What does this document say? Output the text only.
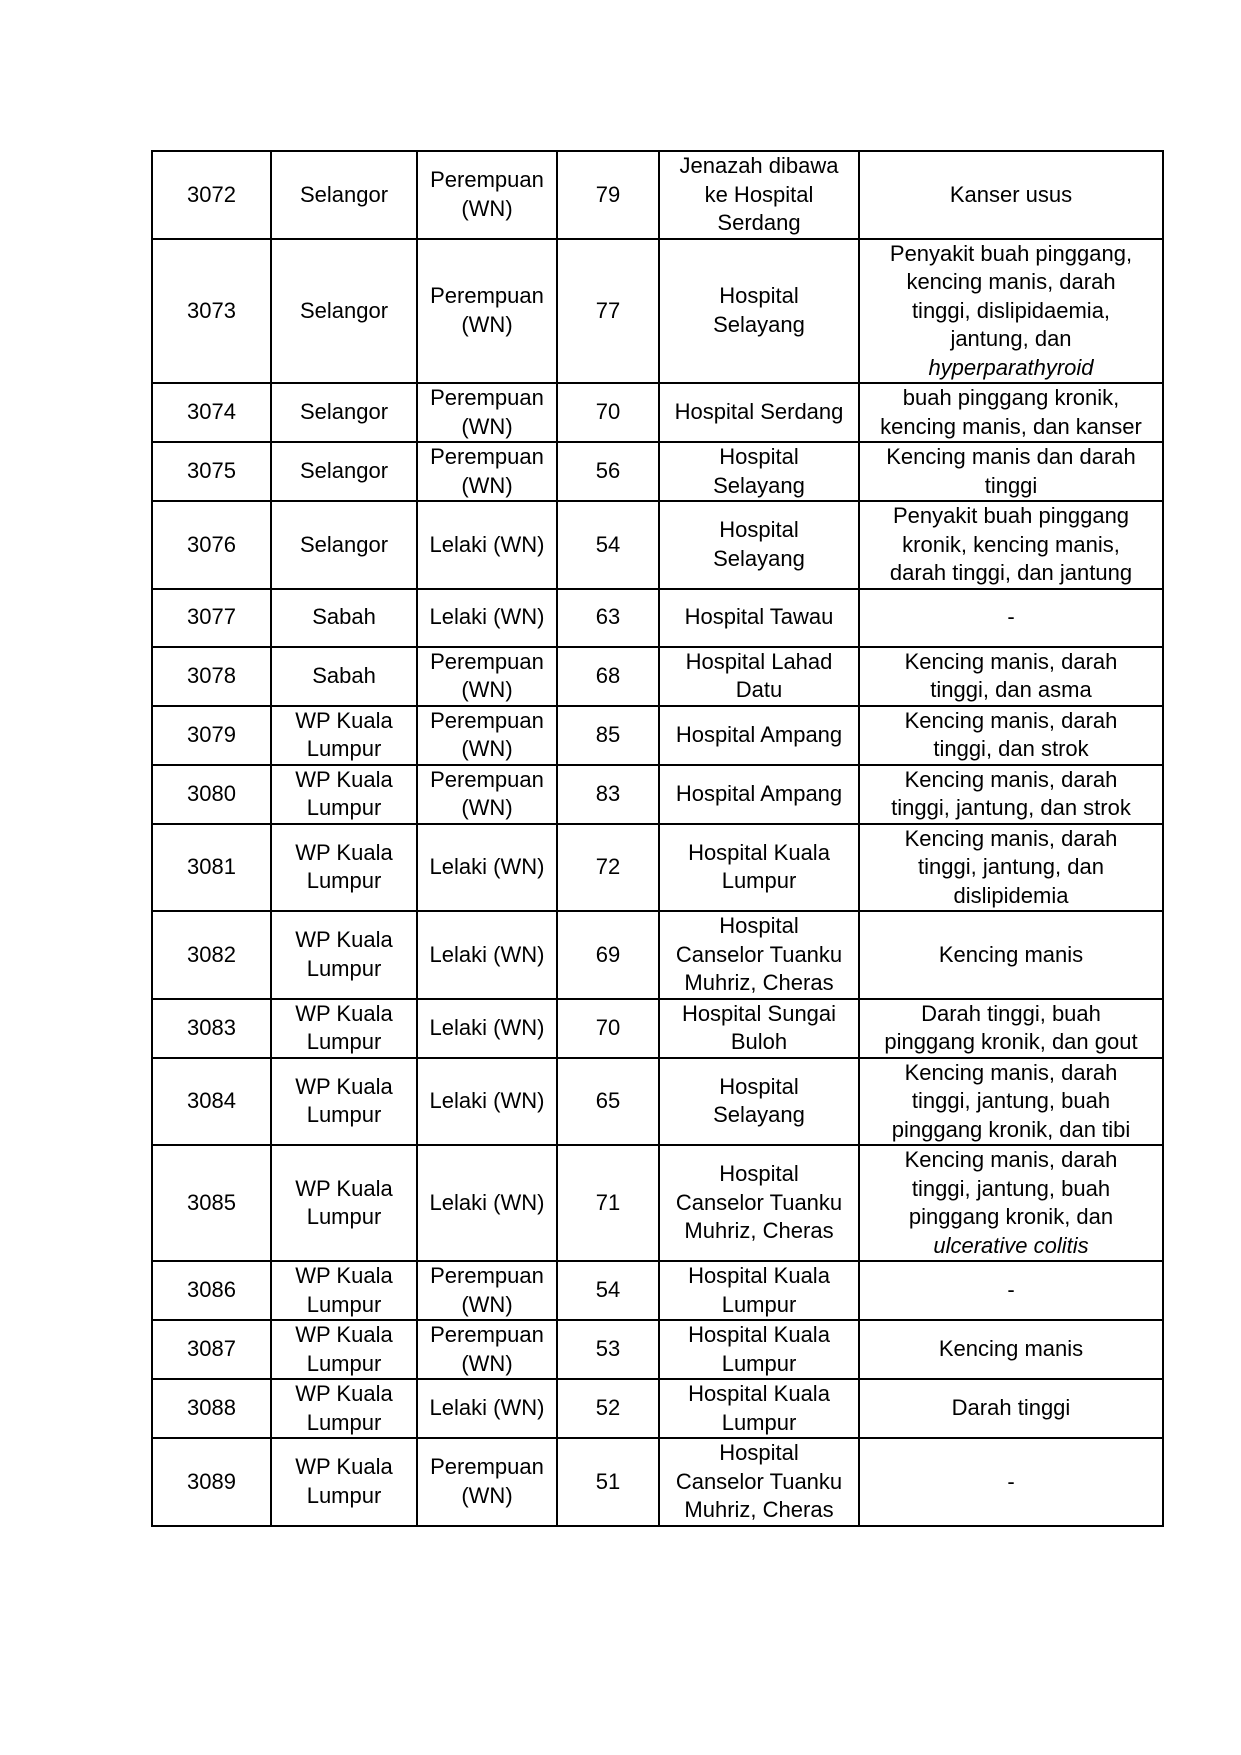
3072	Selangor	Perempuan (WN)	79	Jenazah dibawa
ke Hospital
Serdang	Kanser usus

3073	Selangor	Perempuan (WN)	77	Hospital
Selayang	Penyakit buah pinggang,
kencing manis, darah
tinggi, dislipidaemia,
jantung, dan
hyperparathyroid

3074	Selangor	Perempuan (WN)	70	Hospital Serdang	buah pinggang kronik,
kencing manis, dan kanser

3075	Selangor	Perempuan (WN)	56	Hospital
Selayang	Kencing manis dan darah
tinggi

3076	Selangor	Lelaki (WN)	54	Hospital
Selayang	Penyakit buah pinggang
kronik, kencing manis,
darah tinggi, dan jantung

3077	Sabah	Lelaki (WN)	63	Hospital Tawau	-

3078	Sabah	Perempuan (WN)	68	Hospital Lahad
Datu	Kencing manis, darah
tinggi, dan asma

3079	WP Kuala Lumpur	Perempuan (WN)	85	Hospital Ampang	Kencing manis, darah
tinggi, dan strok

3080	WP Kuala Lumpur	Perempuan (WN)	83	Hospital Ampang	Kencing manis, darah
tinggi, jantung, dan strok

3081	WP Kuala Lumpur	Lelaki (WN)	72	Hospital Kuala
Lumpur	Kencing manis, darah
tinggi, jantung, dan
dislipidemia

3082	WP Kuala Lumpur	Lelaki (WN)	69	Hospital
Canselor Tuanku
Muhriz, Cheras	Kencing manis

3083	WP Kuala Lumpur	Lelaki (WN)	70	Hospital Sungai
Buloh	Darah tinggi, buah
pinggang kronik, dan gout

3084	WP Kuala Lumpur	Lelaki (WN)	65	Hospital
Selayang	Kencing manis, darah
tinggi, jantung, buah
pinggang kronik, dan tibi

3085	WP Kuala Lumpur	Lelaki (WN)	71	Hospital
Canselor Tuanku
Muhriz, Cheras	Kencing manis, darah
tinggi, jantung, buah
pinggang kronik, dan
ulcerative colitis

3086	WP Kuala Lumpur	Perempuan (WN)	54	Hospital Kuala
Lumpur	-

3087	WP Kuala Lumpur	Perempuan (WN)	53	Hospital Kuala
Lumpur	Kencing manis

3088	WP Kuala Lumpur	Lelaki (WN)	52	Hospital Kuala
Lumpur	Darah tinggi

3089	WP Kuala Lumpur	Perempuan (WN)	51	Hospital
Canselor Tuanku
Muhriz, Cheras	-
